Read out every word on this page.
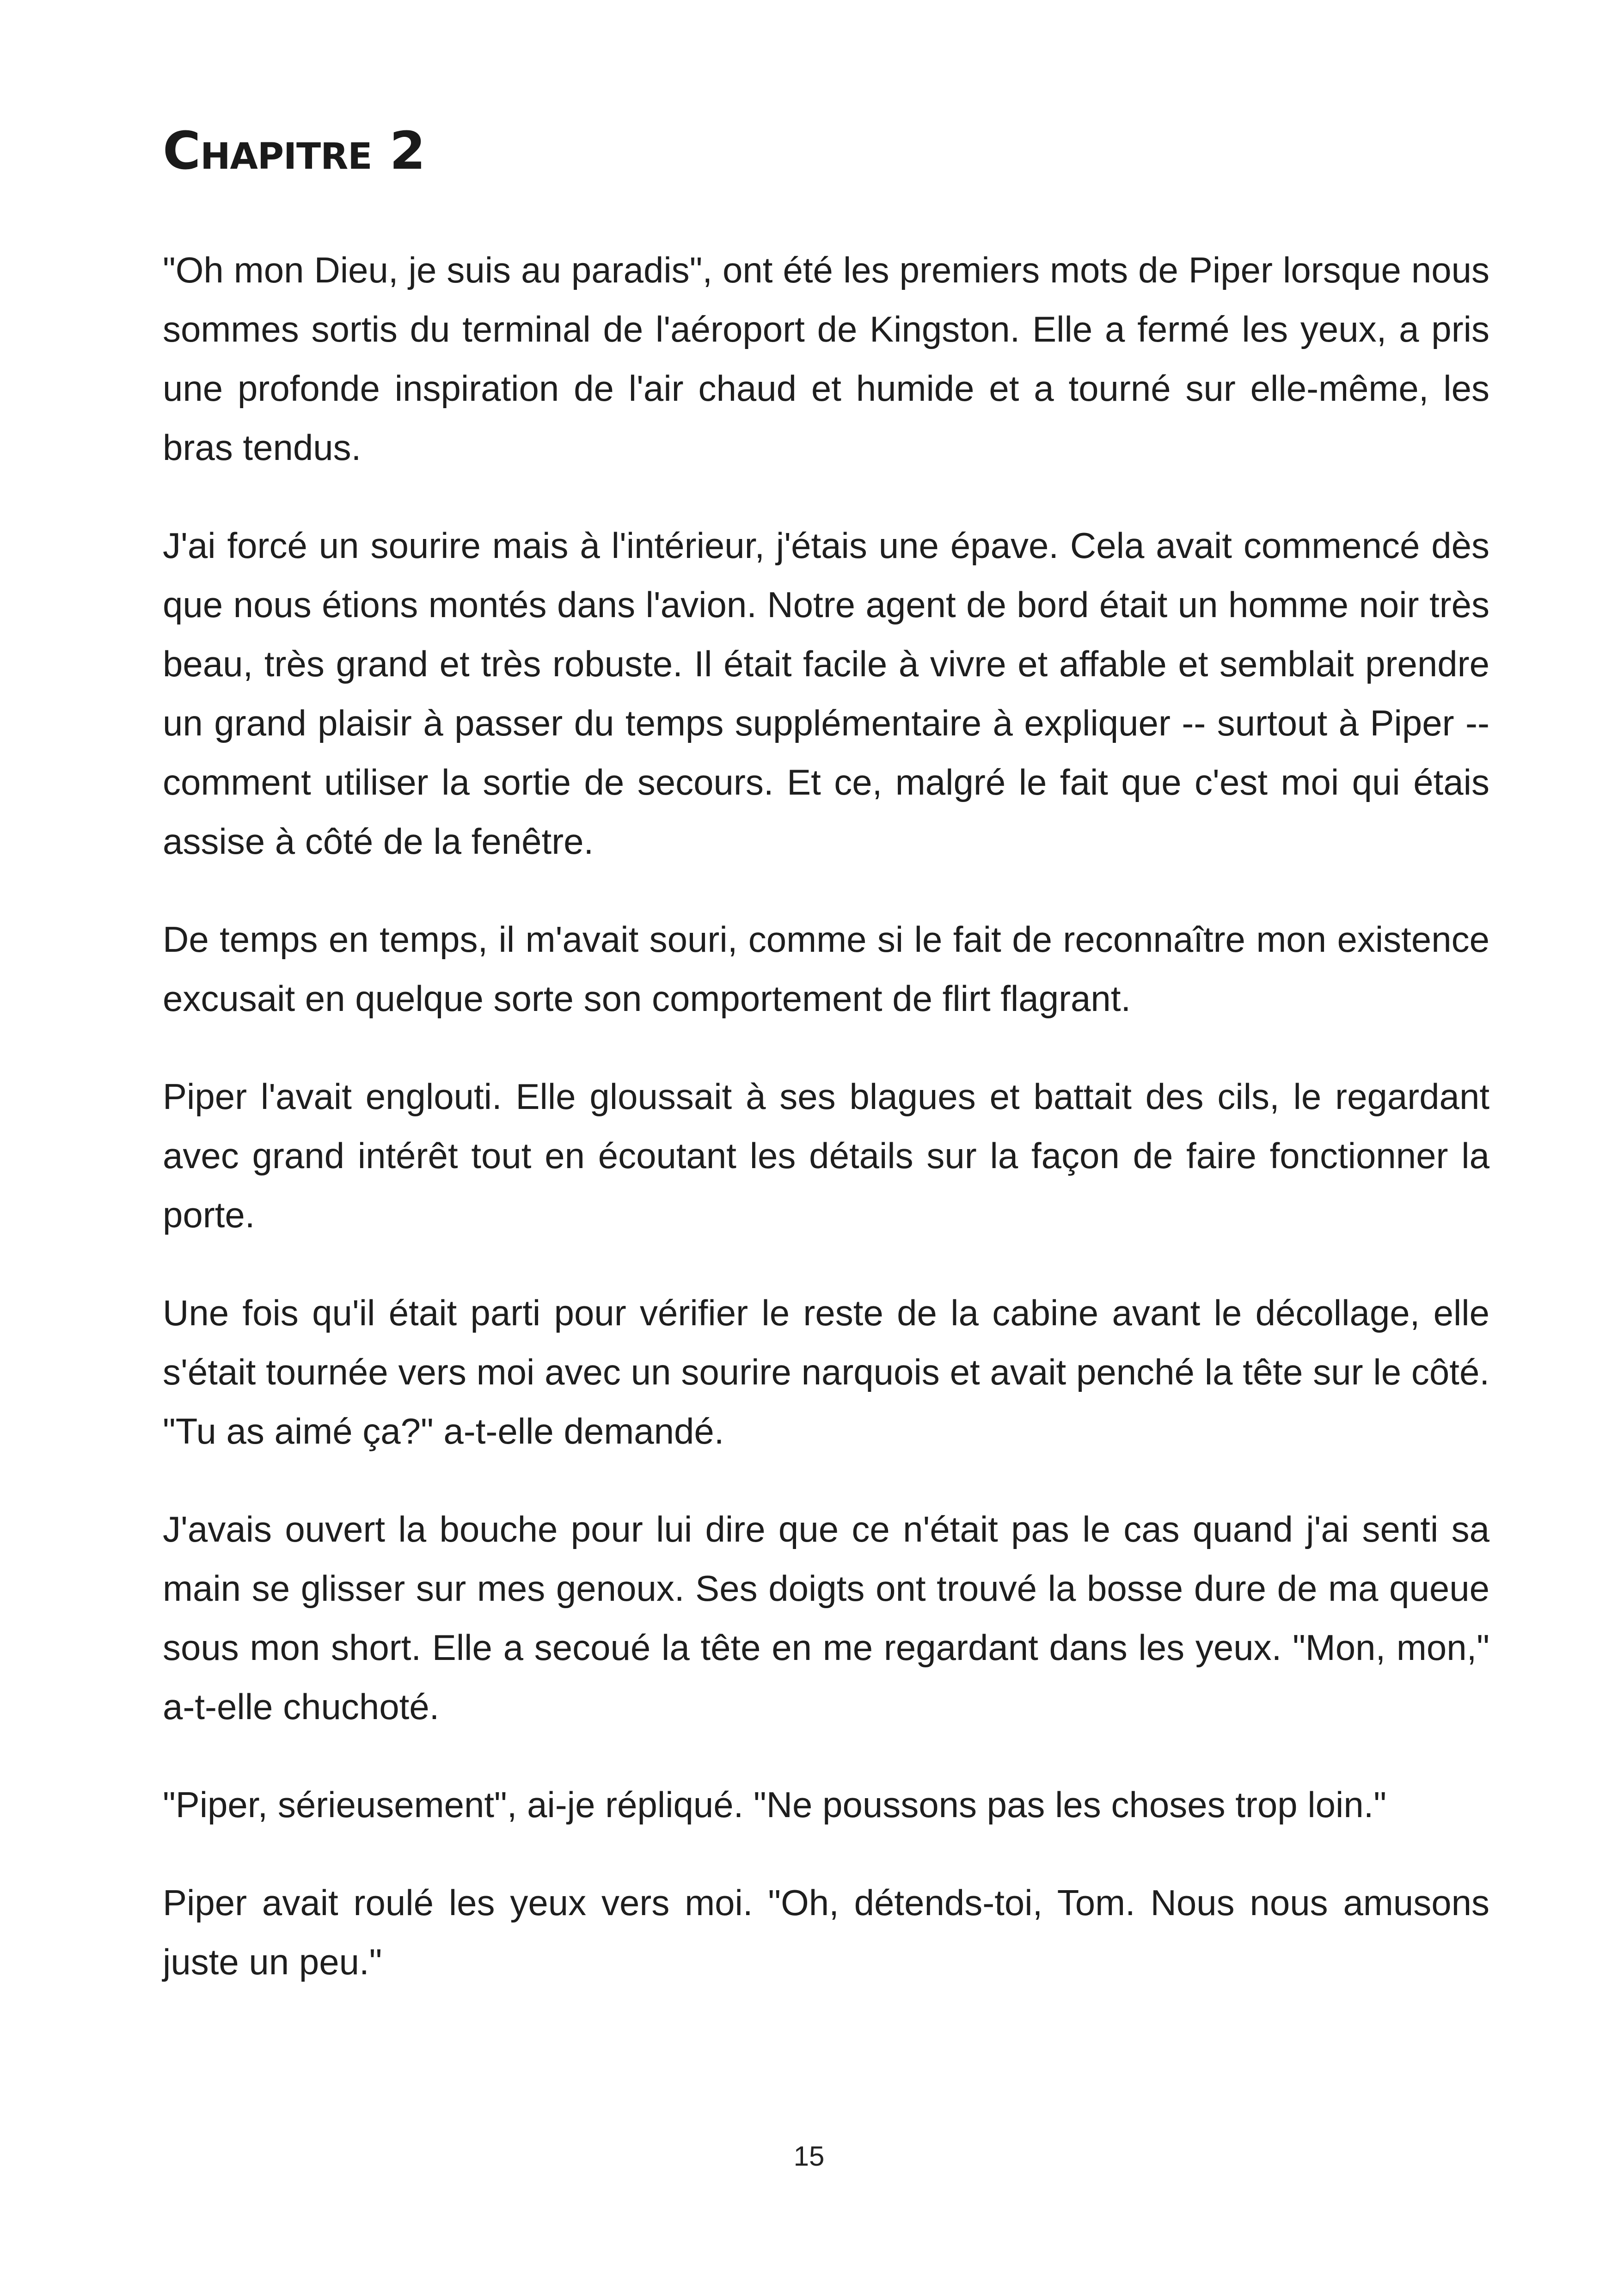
Chapitre 2

"Oh mon Dieu, je suis au paradis", ont été les premiers mots de Piper lorsque nous sommes sortis du terminal de l'aéroport de Kingston. Elle a fermé les yeux, a pris une profonde inspiration de l'air chaud et humide et a tourné sur elle-même, les bras tendus.

J'ai forcé un sourire mais à l'intérieur, j'étais une épave. Cela avait commencé dès que nous étions montés dans l'avion. Notre agent de bord était un homme noir très beau, très grand et très robuste. Il était facile à vivre et affable et semblait prendre un grand plaisir à passer du temps supplémentaire à expliquer -- surtout à Piper -- comment utiliser la sortie de secours. Et ce, malgré le fait que c'est moi qui étais assise à côté de la fenêtre.

De temps en temps, il m'avait souri, comme si le fait de reconnaître mon existence excusait en quelque sorte son comportement de flirt flagrant.

Piper l'avait englouti. Elle gloussait à ses blagues et battait des cils, le regardant avec grand intérêt tout en écoutant les détails sur la façon de faire fonctionner la porte.

Une fois qu'il était parti pour vérifier le reste de la cabine avant le décollage, elle s'était tournée vers moi avec un sourire narquois et avait penché la tête sur le côté. "Tu as aimé ça?" a-t-elle demandé.

J'avais ouvert la bouche pour lui dire que ce n'était pas le cas quand j'ai senti sa main se glisser sur mes genoux. Ses doigts ont trouvé la bosse dure de ma queue sous mon short. Elle a secoué la tête en me regardant dans les yeux. "Mon, mon," a-t-elle chuchoté.

"Piper, sérieusement", ai-je répliqué. "Ne poussons pas les choses trop loin."

Piper avait roulé les yeux vers moi. "Oh, détends-toi, Tom. Nous nous amusons juste un peu."

15
